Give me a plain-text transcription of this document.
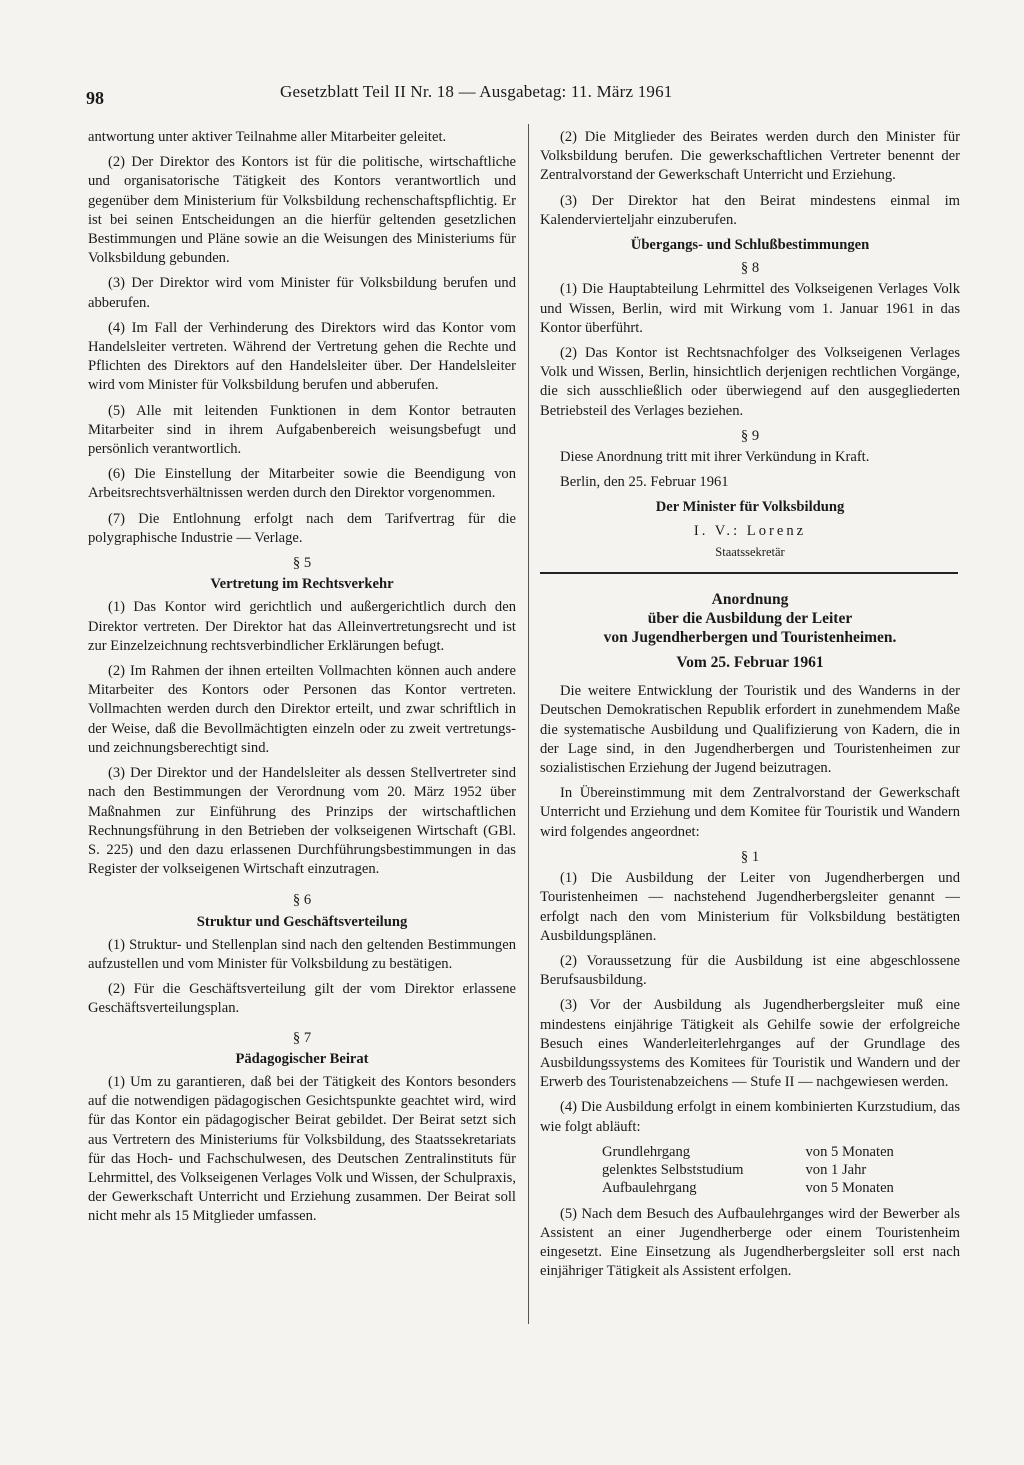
98	Gesetzblatt Teil II Nr. 18 — Ausgabetag: 11. März 1961

antwortung unter aktiver Teilnahme aller Mitarbeiter geleitet.

(2) Der Direktor des Kontors ist für die politische, wirtschaftliche und organisatorische Tätigkeit des Kontors verantwortlich und gegenüber dem Ministerium für Volksbildung rechenschaftspflichtig. Er ist bei seinen Entscheidungen an die hierfür geltenden gesetzlichen Bestimmungen und Pläne sowie an die Weisungen des Ministeriums für Volksbildung gebunden.

(3) Der Direktor wird vom Minister für Volksbildung berufen und abberufen.

(4) Im Fall der Verhinderung des Direktors wird das Kontor vom Handelsleiter vertreten. Während der Vertretung gehen die Rechte und Pflichten des Direktors auf den Handelsleiter über. Der Handelsleiter wird vom Minister für Volksbildung berufen und abberufen.

(5) Alle mit leitenden Funktionen in dem Kontor betrauten Mitarbeiter sind in ihrem Aufgabenbereich weisungsbefugt und persönlich verantwortlich.

(6) Die Einstellung der Mitarbeiter sowie die Beendigung von Arbeitsrechtsverhältnissen werden durch den Direktor vorgenommen.

(7) Die Entlohnung erfolgt nach dem Tarifvertrag für die polygraphische Industrie — Verlage.

§ 5
Vertretung im Rechtsverkehr

(1) Das Kontor wird gerichtlich und außergerichtlich durch den Direktor vertreten. Der Direktor hat das Alleinvertretungsrecht und ist zur Einzelzeichnung rechtsverbindlicher Erklärungen befugt.

(2) Im Rahmen der ihnen erteilten Vollmachten können auch andere Mitarbeiter des Kontors oder Personen das Kontor vertreten. Vollmachten werden durch den Direktor erteilt, und zwar schriftlich in der Weise, daß die Bevollmächtigten einzeln oder zu zweit vertretungs- und zeichnungsberechtigt sind.

(3) Der Direktor und der Handelsleiter als dessen Stellvertreter sind nach den Bestimmungen der Verordnung vom 20. März 1952 über Maßnahmen zur Einführung des Prinzips der wirtschaftlichen Rechnungsführung in den Betrieben der volkseigenen Wirtschaft (GBl. S. 225) und den dazu erlassenen Durchführungsbestimmungen in das Register der volkseigenen Wirtschaft einzutragen.

§ 6
Struktur und Geschäftsverteilung

(1) Struktur- und Stellenplan sind nach den geltenden Bestimmungen aufzustellen und vom Minister für Volksbildung zu bestätigen.

(2) Für die Geschäftsverteilung gilt der vom Direktor erlassene Geschäftsverteilungsplan.

§ 7
Pädagogischer Beirat

(1) Um zu garantieren, daß bei der Tätigkeit des Kontors besonders auf die notwendigen pädagogischen Gesichtspunkte geachtet wird, wird für das Kontor ein pädagogischer Beirat gebildet. Der Beirat setzt sich aus Vertretern des Ministeriums für Volksbildung, des Staatssekretariats für das Hoch- und Fachschulwesen, des Deutschen Zentralinstituts für Lehrmittel, des Volkseigenen Verlages Volk und Wissen, der Schulpraxis, der Gewerkschaft Unterricht und Erziehung zusammen. Der Beirat soll nicht mehr als 15 Mitglieder umfassen.

(2) Die Mitglieder des Beirates werden durch den Minister für Volksbildung berufen. Die gewerkschaftlichen Vertreter benennt der Zentralvorstand der Gewerkschaft Unterricht und Erziehung.

(3) Der Direktor hat den Beirat mindestens einmal im Kalendervierteljahr einzuberufen.

Übergangs- und Schlußbestimmungen
§ 8

(1) Die Hauptabteilung Lehrmittel des Volkseigenen Verlages Volk und Wissen, Berlin, wird mit Wirkung vom 1. Januar 1961 in das Kontor überführt.

(2) Das Kontor ist Rechtsnachfolger des Volkseigenen Verlages Volk und Wissen, Berlin, hinsichtlich derjenigen rechtlichen Vorgänge, die sich ausschließlich oder überwiegend auf den ausgegliederten Betriebsteil des Verlages beziehen.

§ 9

Diese Anordnung tritt mit ihrer Verkündung in Kraft.

Berlin, den 25. Februar 1961

Der Minister für Volksbildung
I. V.: Lorenz
Staatssekretär
Anordnung
über die Ausbildung der Leiter
von Jugendherbergen und Touristenheimen.
Vom 25. Februar 1961

Die weitere Entwicklung der Touristik und des Wanderns in der Deutschen Demokratischen Republik erfordert in zunehmendem Maße die systematische Ausbildung und Qualifizierung von Kadern, die in der Lage sind, in den Jugendherbergen und Touristenheimen zur sozialistischen Erziehung der Jugend beizutragen.

In Übereinstimmung mit dem Zentralvorstand der Gewerkschaft Unterricht und Erziehung und dem Komitee für Touristik und Wandern wird folgendes angeordnet:

§ 1

(1) Die Ausbildung der Leiter von Jugendherbergen und Touristenheimen — nachstehend Jugendherbergsleiter genannt — erfolgt nach den vom Ministerium für Volksbildung bestätigten Ausbildungsplänen.

(2) Voraussetzung für die Ausbildung ist eine abgeschlossene Berufsausbildung.

(3) Vor der Ausbildung als Jugendherbergsleiter muß eine mindestens einjährige Tätigkeit als Gehilfe sowie der erfolgreiche Besuch eines Wanderleiterlehrganges auf der Grundlage des Ausbildungssystems des Komitees für Touristik und Wandern und der Erwerb des Touristenabzeichens — Stufe II — nachgewiesen werden.

(4) Die Ausbildung erfolgt in einem kombinierten Kurzstudium, das wie folgt abläuft:

Grundlehrgang	von 5 Monaten
gelenktes Selbststudium	von 1 Jahr
Aufbaulehrgang	von 5 Monaten

(5) Nach dem Besuch des Aufbaulehrganges wird der Bewerber als Assistent an einer Jugendherberge oder einem Touristenheim eingesetzt. Eine Einsetzung als Jugendherbergsleiter soll erst nach einjähriger Tätigkeit als Assistent erfolgen.
